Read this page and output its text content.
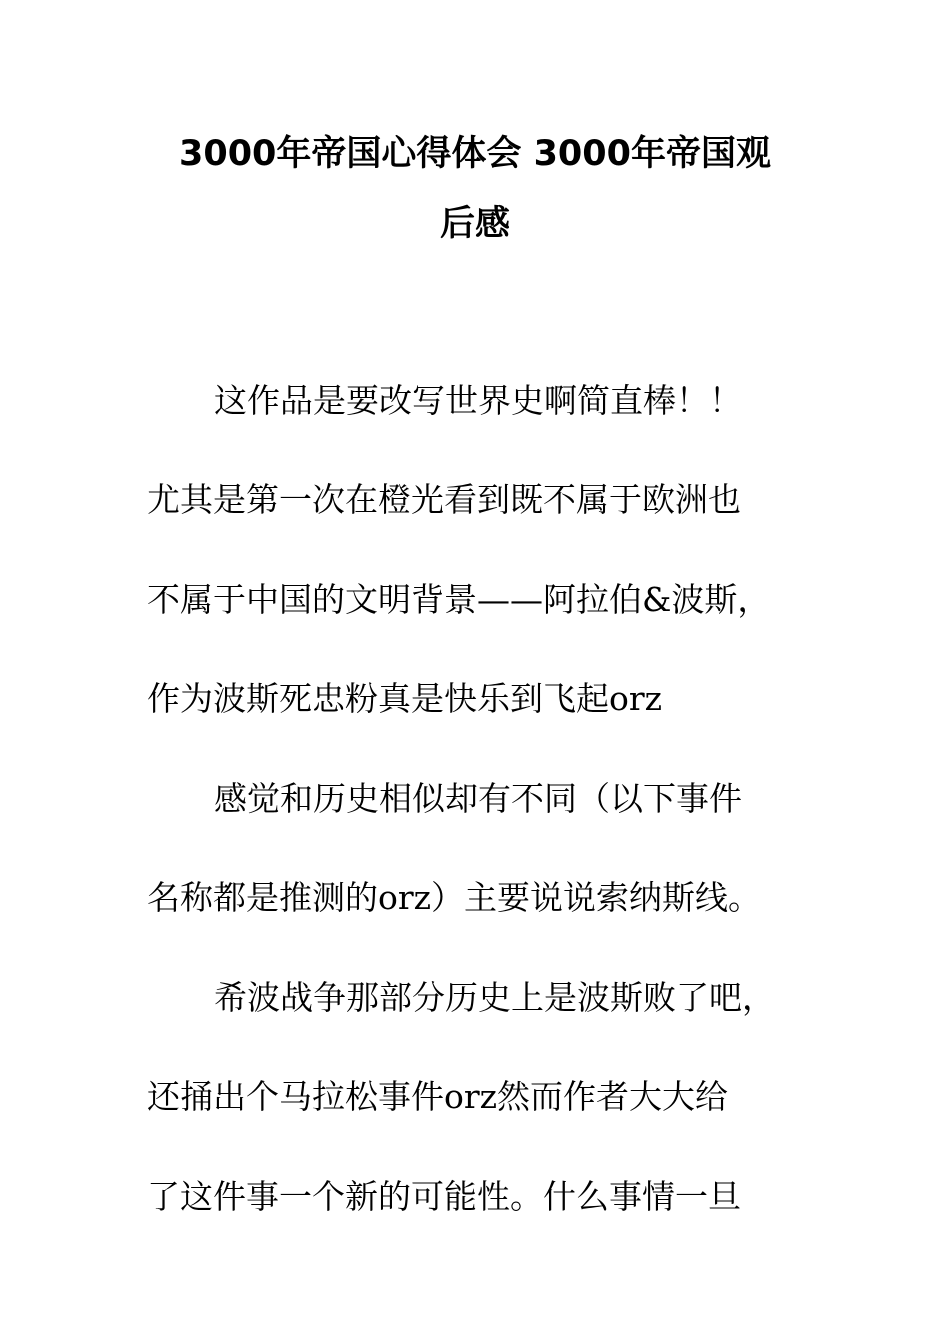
3000年帝国心得体会 3000年帝国观
后感

这作品是要改写世界史啊简直棒！！

尤其是第一次在橙光看到既不属于欧洲也

不属于中国的文明背景——阿拉伯&波斯，

作为波斯死忠粉真是快乐到飞起orz

感觉和历史相似却有不同（以下事件

名称都是推测的orz）主要说说索纳斯线。

希波战争那部分历史上是波斯败了吧，

还捅出个马拉松事件orz然而作者大大给

了这件事一个新的可能性。什么事情一旦
